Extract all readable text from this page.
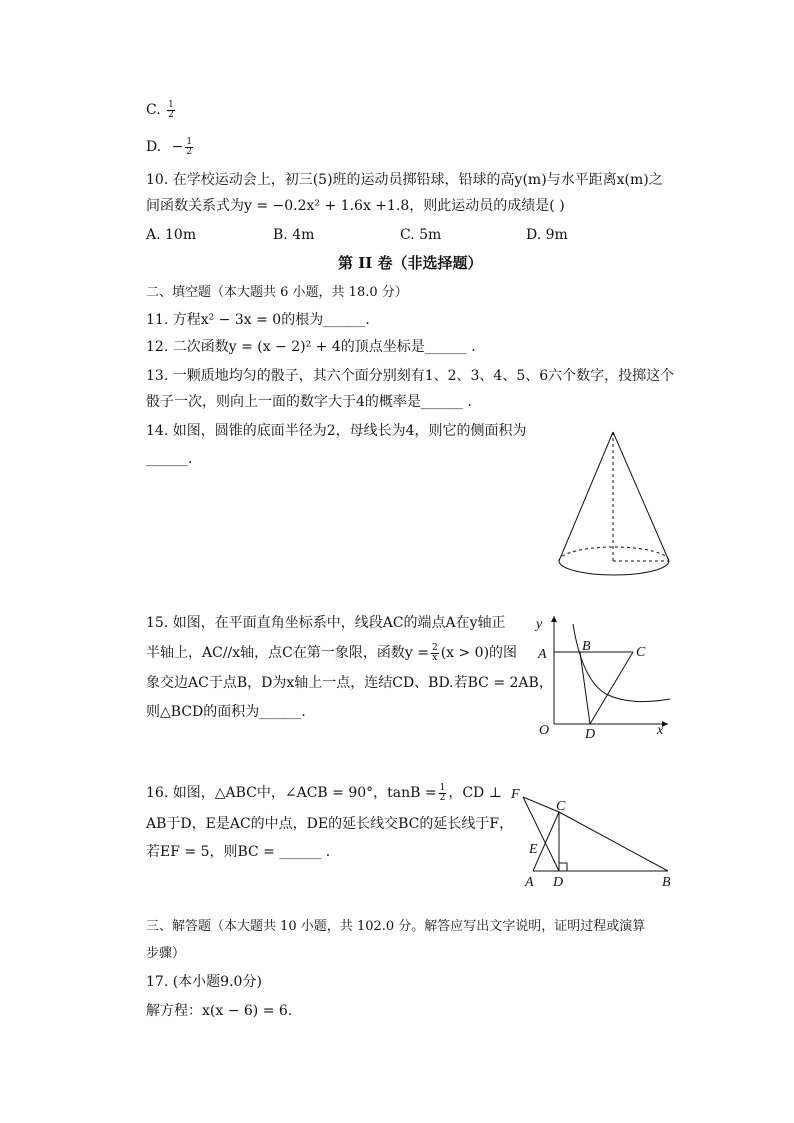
C. $\frac{1}{2}$
D. − $\frac{1}{2}$
10. 在学校运动会上，初三(5)班的运动员掷铅球，铅球的高y(m)与水平距离x(m)之
间函数关系式为y = −0.2x² + 1.6x +1.8，则此运动员的成绩是( )
A. 10m	B. 4m	C. 5m	D. 9m
第 II 卷（非选择题）
二、填空题（本大题共 6 小题，共 18.0 分）
11. 方程x² − 3x = 0的根为______.
12. 二次函数y = (x − 2)² + 4的顶点坐标是______ .
13. 一颗质地均匀的骰子，其六个面分别刻有1、2、3、4、5、6六个数字，投掷这个
骰子一次，则向上一面的数字大于4的概率是______ .
14. 如图，圆锥的底面半径为2，母线长为4，则它的侧面积为
______.
15. 如图，在平面直角坐标系中，线段AC的端点A在y轴正
半轴上，AC//x轴，点C在第一象限，函数$y = \frac{2}{x} (x > 0)$的图
象交边AC于点B，D为x轴上一点，连结CD、BD.若BC = 2AB，
则△BCD的面积为______.
y
x
O
A
B	C
D
16. 如图，△ABC中，∠ACB = 90°，$\tan B = \frac{1}{2}$ ，CD ⊥
AB于D，E是AC的中点，DE的延长线交BC的延长线于F，
若EF = 5，则BC = ______ .
F
C
E
A D	B
三、解答题（本大题共 10 小题，共 102.0 分。解答应写出文字说明，证明过程或演算
步骤）
17. (本小题9.0分)
解方程：x(x − 6) = 6.
